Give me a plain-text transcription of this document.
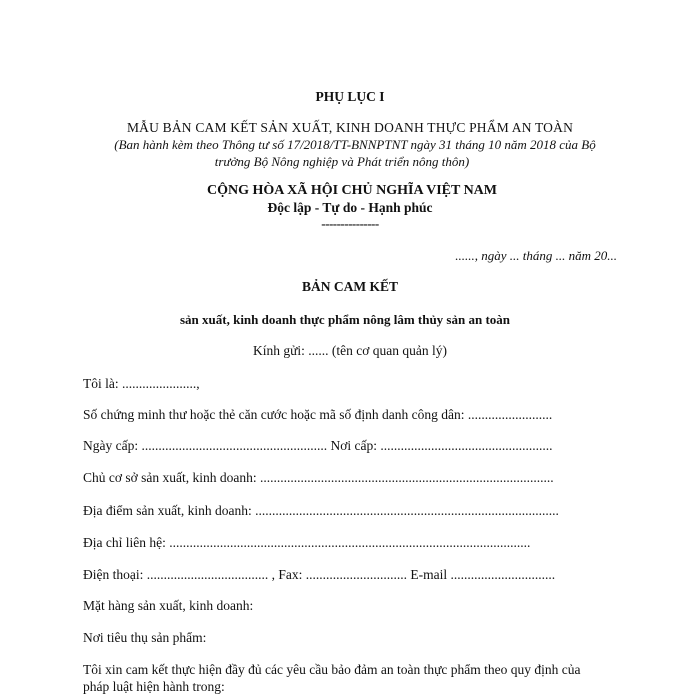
PHỤ LỤC I
MẪU BẢN CAM KẾT SẢN XUẤT, KINH DOANH THỰC PHẨM AN TOÀN
(Ban hành kèm theo Thông tư số 17/2018/TT-BNNPTNT ngày 31 tháng 10 năm 2018 của Bộ
trưởng Bộ Nông nghiệp và Phát triển nông thôn)
CỘNG HÒA XÃ HỘI CHỦ NGHĨA VIỆT NAM
Độc lập - Tự do - Hạnh phúc
---------------
......, ngày ... tháng ... năm 20...
BẢN CAM KẾT
sản xuất, kinh doanh thực phẩm nông lâm thủy sản an toàn
Kính gửi: ...... (tên cơ quan quản lý)
Tôi là: ......................,
Số chứng minh thư hoặc thẻ căn cước hoặc mã số định danh công dân: .........................
Ngày cấp: ....................................................... Nơi cấp: ...................................................
Chủ cơ sở sản xuất, kinh doanh: .......................................................................................
Địa điểm sản xuất, kinh doanh: ..........................................................................................
Địa chỉ liên hệ: ...........................................................................................................
Điện thoại: .................................... , Fax: .............................. E-mail ...............................
Mặt hàng sản xuất, kinh doanh:
Nơi tiêu thụ sản phẩm:
Tôi xin cam kết thực hiện đầy đủ các yêu cầu bảo đảm an toàn thực phẩm theo quy định của
pháp luật hiện hành trong:
